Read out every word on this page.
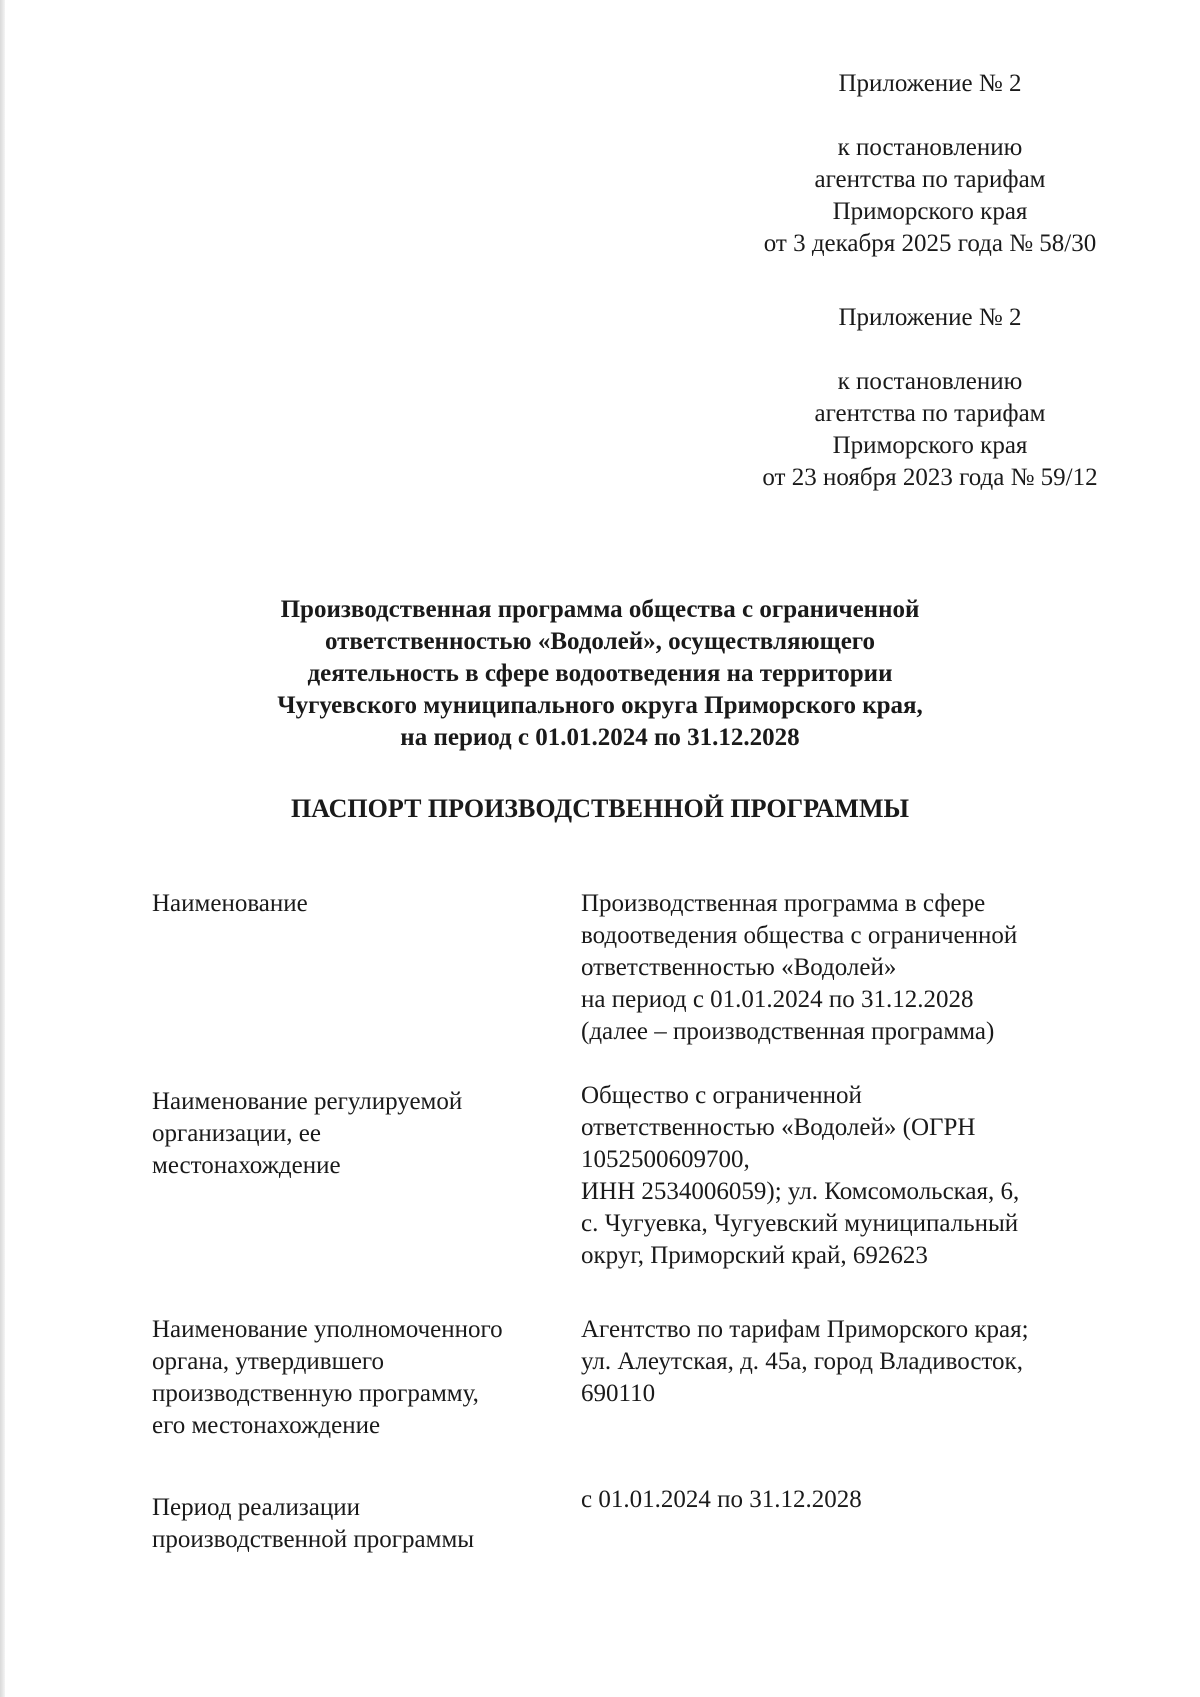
Приложение № 2
к постановлению
агентства по тарифам
Приморского края
от 3 декабря 2025 года № 58/30
Приложение № 2
к постановлению
агентства по тарифам
Приморского края
от 23 ноября 2023 года № 59/12
Производственная программа общества с ограниченной
ответственностью «Водолей», осуществляющего
деятельность в сфере водоотведения на территории
Чугуевского муниципального округа Приморского края,
на период с 01.01.2024 по 31.12.2028
ПАСПОРТ ПРОИЗВОДСТВЕННОЙ ПРОГРАММЫ
Наименование	Производственная программа в сфере
водоотведения общества с ограниченной
ответственностью «Водолей»
на период с 01.01.2024 по 31.12.2028
(далее – производственная программа)
Наименование регулируемой
организации, ее
местонахождение
Общество с ограниченной
ответственностью «Водолей» (ОГРН
1052500609700,
ИНН 2534006059); ул. Комсомольская, 6,
с. Чугуевка, Чугуевский муниципальный
округ, Приморский край, 692623
Наименование уполномоченного
органа, утвердившего
производственную программу,
его местонахождение
Агентство по тарифам Приморского края;
ул. Алеутская, д. 45а, город Владивосток,
690110
Период реализации
производственной программы
с 01.01.2024 по 31.12.2028
